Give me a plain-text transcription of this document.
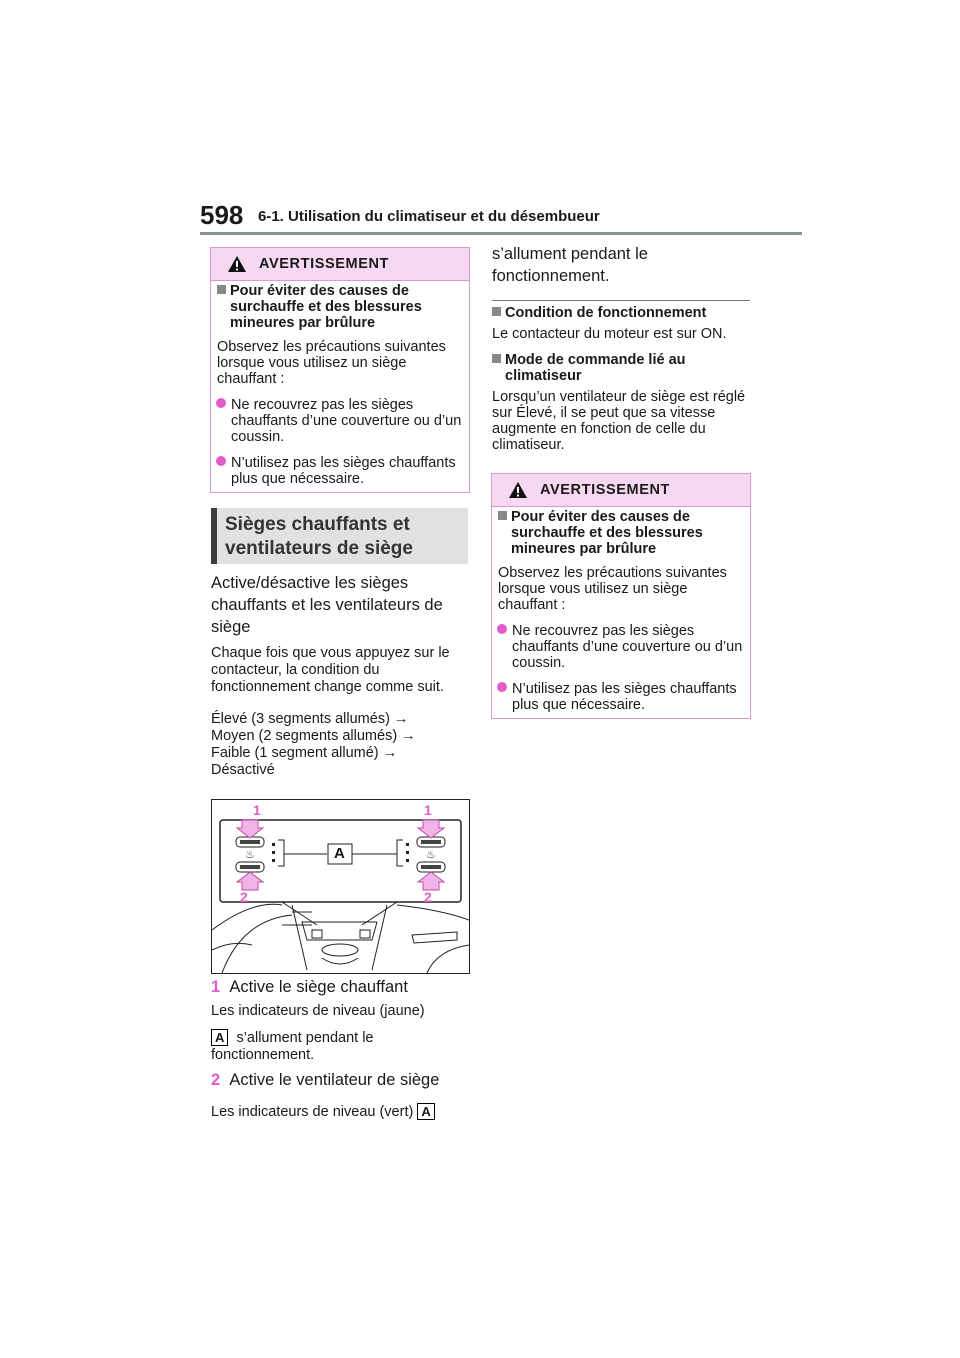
598 6-1. Utilisation du climatiseur et du désembueur
AVERTISSEMENT
Pour éviter des causes de surchauffe et des blessures mineures par brûlure
Observez les précautions suivantes lorsque vous utilisez un siège chauffant :
Ne recouvrez pas les sièges chauffants d’une couverture ou d’un coussin.
N’utilisez pas les sièges chauffants plus que nécessaire.
Sièges chauffants et ventilateurs de siège
Active/désactive les sièges chauffants et les ventilateurs de siège
Chaque fois que vous appuyez sur le contacteur, la condition du fonctionnement change comme suit.
Élevé (3 segments allumés) →
Moyen (2 segments allumés) →
Faible (1 segment allumé) →
Désactivé
♨	♨
1	1
2	2
A
1 Active le siège chauffant
Les indicateurs de niveau (jaune)
A s’allument pendant le fonctionnement.
2 Active le ventilateur de siège
Les indicateurs de niveau (vert) A
s’allument pendant le fonctionnement.
Condition de fonctionnement
Le contacteur du moteur est sur ON.
Mode de commande lié au climatiseur
Lorsqu’un ventilateur de siège est réglé sur Élevé, il se peut que sa vitesse augmente en fonction de celle du climatiseur.
AVERTISSEMENT
Pour éviter des causes de surchauffe et des blessures mineures par brûlure
Observez les précautions suivantes lorsque vous utilisez un siège chauffant :
Ne recouvrez pas les sièges chauffants d’une couverture ou d’un coussin.
N’utilisez pas les sièges chauffants plus que nécessaire.
